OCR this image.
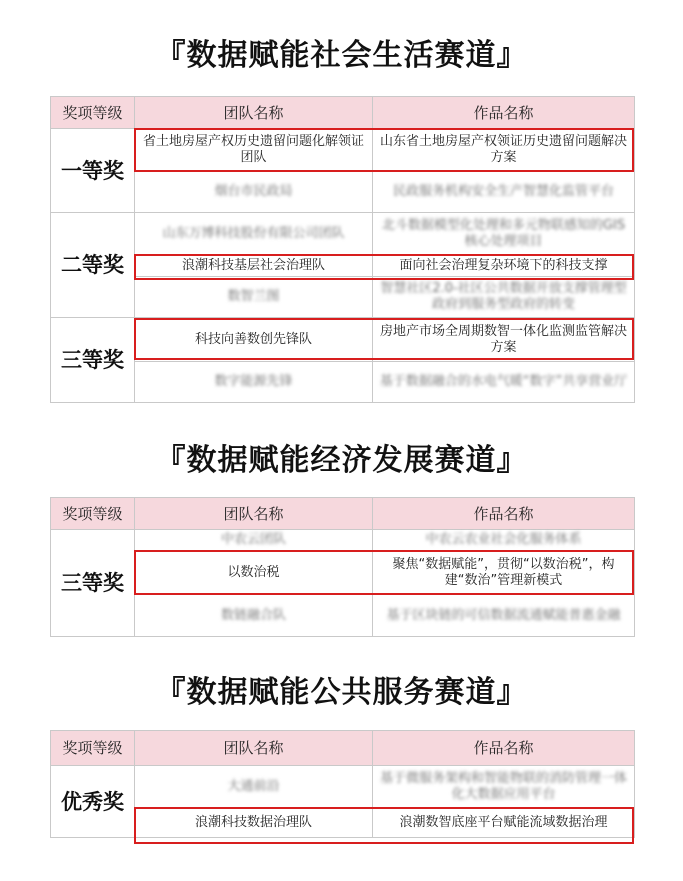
『数据赋能社会生活赛道』
奖项等级	团队名称	作品名称
一等奖	省土地房屋产权历史遗留问题化解领证团队	山东省土地房屋产权领证历史遗留问题解决方案
	烟台市民政局	民政服务机构安全生产智慧化监管平台
二等奖	山东万博科技股份有限公司团队	北斗数据模型化处理和多元物联感知的GIS核心处理项目
	浪潮科技基层社会治理队	面向社会治理复杂环境下的科技支撑
	数智兰图	智慧社区2.0-社区公共数据开放支撑管理型政府到服务型政府的转变
三等奖	科技向善数创先锋队	房地产市场全周期数智一体化监测监管解决方案
	数字能源先锋	基于数据融合的水电气暖“数字”共享营业厅
『数据赋能经济发展赛道』
奖项等级	团队名称	作品名称
三等奖	中农云团队	中农云农业社会化服务体系
	以数治税	聚焦“数据赋能”，贯彻“以数治税”，构建“数治”管理新模式
	数链融合队	基于区块链的可信数据流通赋能普惠金融
『数据赋能公共服务赛道』
奖项等级	团队名称	作品名称
优秀奖	大通前沿	基于微服务架构和智能物联的消防管理一体化大数据应用平台
	浪潮科技数据治理队	浪潮数智底座平台赋能流域数据治理
